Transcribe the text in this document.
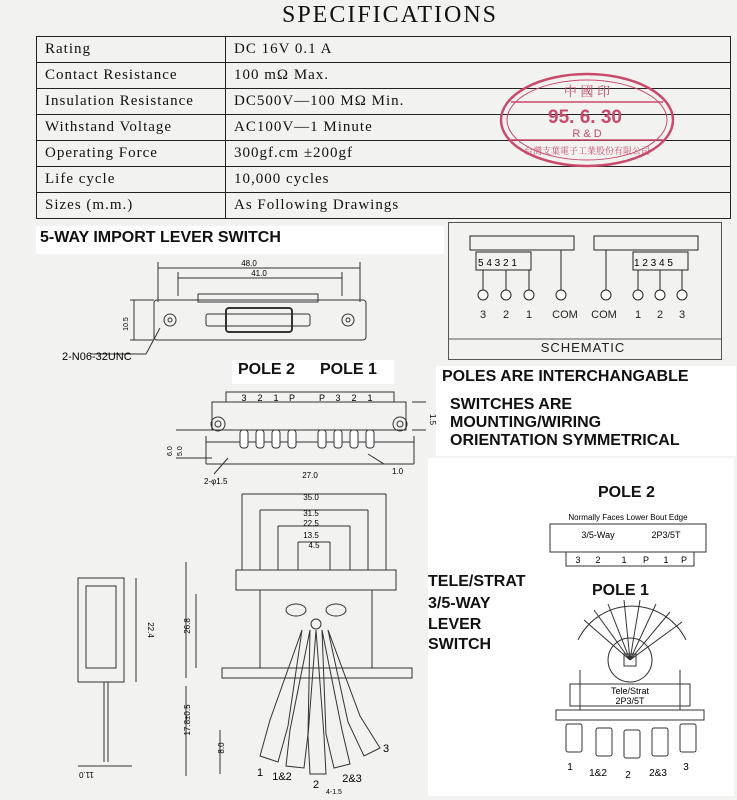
SPECIFICATIONS
Rating	DC 16V 0.1 A
Contact Resistance	100 mΩ Max.
Insulation Resistance	DC500V—100 MΩ Min.
Withstand Voltage	AC100V—1 Minute
Operating Force	300gf.cm ±200gf
Life cycle	10,000 cycles
Sizes (m.m.)	As Following Drawings
中 國 印
95. 6. 30
R & D
台灣支葉電子工業股份有限公司
5-WAY IMPORT LEVER SWITCH
5 4 3 2 1	1 2 3 4 5
3 2 1 COM COM 1 2 3
SCHEMATIC
48.0
41.0
10.5
2-N06-32UNC
POLE 2 POLE 1	POLES ARE INTERCHANGABLE
SWITCHES ARE
MOUNTING/WIRING
ORIENTATION SYMMETRICAL
3 2 1 P	P 3 2 1
1.5
6.0 5.0
27.0	1.0
2-φ1.5
35.0
31.5
22.5
13.5
4.5
26.8
22.4
17.8±0.5
8.0
11.0
4-1.5
1 1&2
2 2&3
3
POLE 2
POLE 1
TELE/STRAT
3/5-WAY
LEVER
SWITCH
Normally Faces Lower Bout Edge
3/5-Way	2P3/5T
3 2 1 P 1 P
Tele/Strat
2P3/5T
1
1&2 2 2&3
3
